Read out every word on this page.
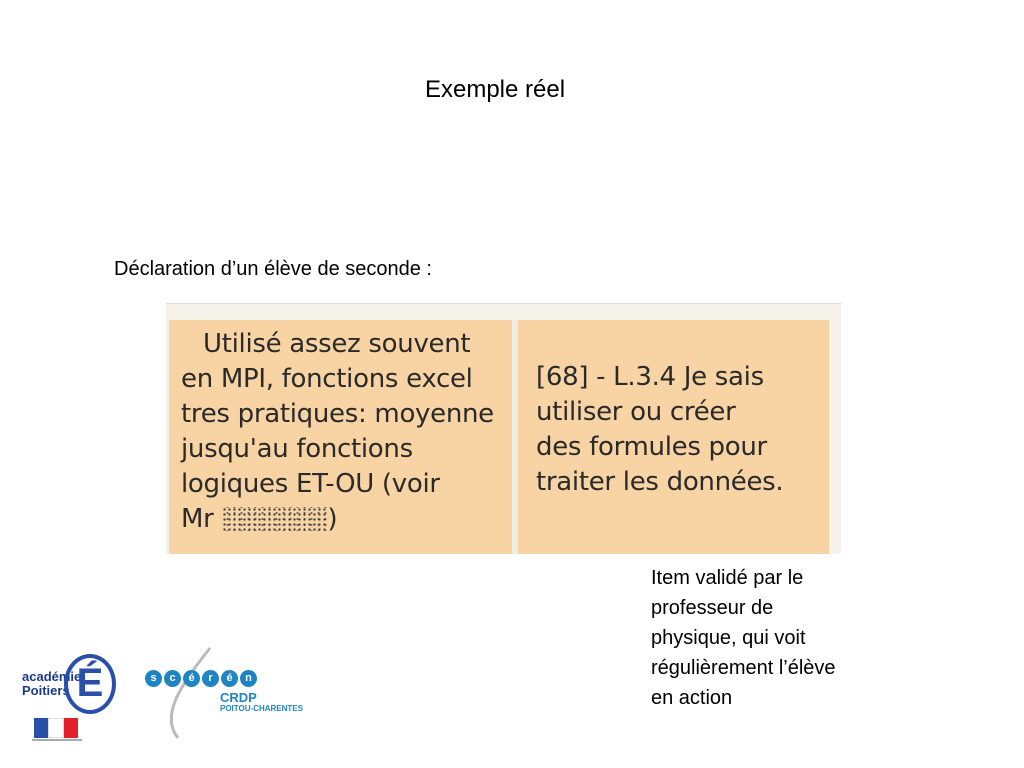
Exemple réel
Déclaration d’un élève de seconde :
Utilisé assez souvent
en MPI, fonctions excel
tres pratiques: moyenne
jusqu'au fonctions
logiques ET-OU (voir
Mr	)
[68] - L.3.4 Je sais
utiliser ou créer
des formules pour
traiter les données.
Item validé par le
professeur de
physique, qui voit
régulièrement l’élève
en action
académie
Poitiers É	s	c	é	r	é	n
CRDP
POITOU-CHARENTES
